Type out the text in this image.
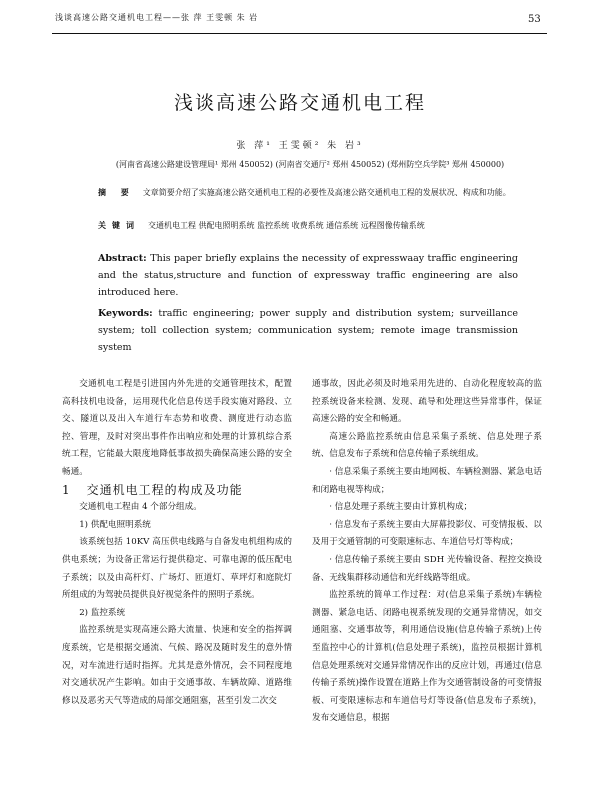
浅谈高速公路交通机电工程——张 萍 王雯顿 朱 岩	53
浅谈高速公路交通机电工程
张 萍¹ 王雯顿² 朱 岩³
(河南省高速公路建设管理局¹ 郑州 450052) (河南省交通厅² 郑州 450052) (郑州防空兵学院³ 郑州 450000)
摘 要 文章简要介绍了实施高速公路交通机电工程的必要性及高速公路交通机电工程的发展状况、构成和功能。
关键词 交通机电工程 供配电照明系统 监控系统 收费系统 通信系统 远程图像传输系统
Abstract: This paper briefly explains the necessity of expresswaay traffic engineering and the status,structure and function of expressway traffic engineering are also introduced here.
Keywords: traffic engineering; power supply and distribution system; surveillance system; toll collection system; communication system; remote image transmission system

交通机电工程是引进国内外先进的交通管理技术，配置高科技机电设备，运用现代化信息传送手段实施对路段、立交、隧道以及出入车道行车态势和收费、测度进行动态监控、管理，及时对突出事件作出响应和处理的计算机综合系统工程，它能最大限度地降低事故损失确保高速公路的安全畅通。

1 交通机电工程的构成及功能

交通机电工程由 4 个部分组成。

1) 供配电照明系统

该系统包括 10KV 高压供电线路与自备发电机组构成的供电系统；为设备正常运行提供稳定、可靠电源的低压配电子系统；以及由高杆灯、广场灯、匝道灯、草坪灯和庭院灯所组成的为驾驶员提供良好视觉条件的照明子系统。

2) 监控系统

监控系统是实现高速公路大流量、快速和安全的指挥调度系统，它是根据交通流、气候、路况及随时发生的意外情况，对车流进行适时指挥。尤其是意外情况，会不同程度地对交通状况产生影响。如由于交通事故、车辆故障、道路维修以及恶劣天气等造成的局部交通阻塞，甚至引发二次交

通事故，因此必须及时地采用先进的、自动化程度较高的监控系统设备来检测、发现、疏导和处理这些异常事件，保证高速公路的安全和畅通。

高速公路监控系统由信息采集子系统、信息处理子系统、信息发布子系统和信息传输子系统组成。

· 信息采集子系统主要由地网板、车辆检测器、紧急电话和闭路电视等构成；

· 信息处理子系统主要由计算机构成；

· 信息发布子系统主要由大屏幕投影仪、可变情报板、以及用于交通管制的可变限速标志、车道信号灯等构成；

· 信息传输子系统主要由 SDH 光传输设备、程控交换设备、无线集群移动通信和光纤线路等组成。

监控系统的简单工作过程：对(信息采集子系统)车辆检测器、紧急电话、闭路电视系统发现的交通异常情况，如交通阻塞、交通事故等，利用通信设施(信息传输子系统)上传至监控中心的计算机(信息处理子系统)，监控员根据计算机信息处理系统对交通异常情况作出的反应计划，再通过(信息传输子系统)操作设置在道路上作为交通管制设备的可变情报板、可变限速标志和车道信号灯等设备(信息发布子系统)，发布交通信息，根据
